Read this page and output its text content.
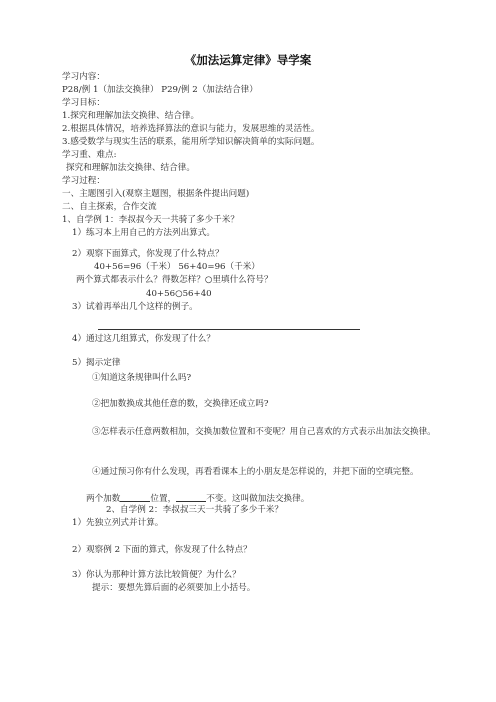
《加法运算定律》导学案
学习内容：
P28/例 1（加法交换律） P29/例 2（加法结合律）
学习目标：
1.探究和理解加法交换律、结合律。
2.根据具体情况，培养选择算法的意识与能力，发展思维的灵活性。
3.感受数学与现实生活的联系，能用所学知识解决简单的实际问题。
学习重、难点:
探究和理解加法交换律、结合律。
学习过程：
一、主题图引入(观察主题图，根据条件提出问题)
二、自主探索，合作交流
1、自学例 1：李叔叔今天一共骑了多少千米？
1）练习本上用自己的方法列出算式。
2）观察下面算式，你发现了什么特点？
40+56=96（千米） 56+40=96（千米）
两个算式都表示什么？得数怎样？○里填什么符号？
40+56○56+40
3）试着再举出几个这样的例子。
4）通过这几组算式，你发现了什么？
5）揭示定律
①知道这条规律叫什么吗?
②把加数换成其他任意的数，交换律还成立吗?
③怎样表示任意两数相加，交换加数位置和不变呢？用自己喜欢的方式表示出加法交换律。
④通过预习你有什么发现，再看看课本上的小朋友是怎样说的，并把下面的空填完整。
两个加数	位置，	不变。这叫做加法交换律。
2、自学例 2：李叔叔三天一共骑了多少千米？
1）先独立列式并计算。
2）观察例 2 下面的算式，你发现了什么特点？
3）你认为那种计算方法比较简便？为什么？
提示：要想先算后面的必须要加上小括号。
